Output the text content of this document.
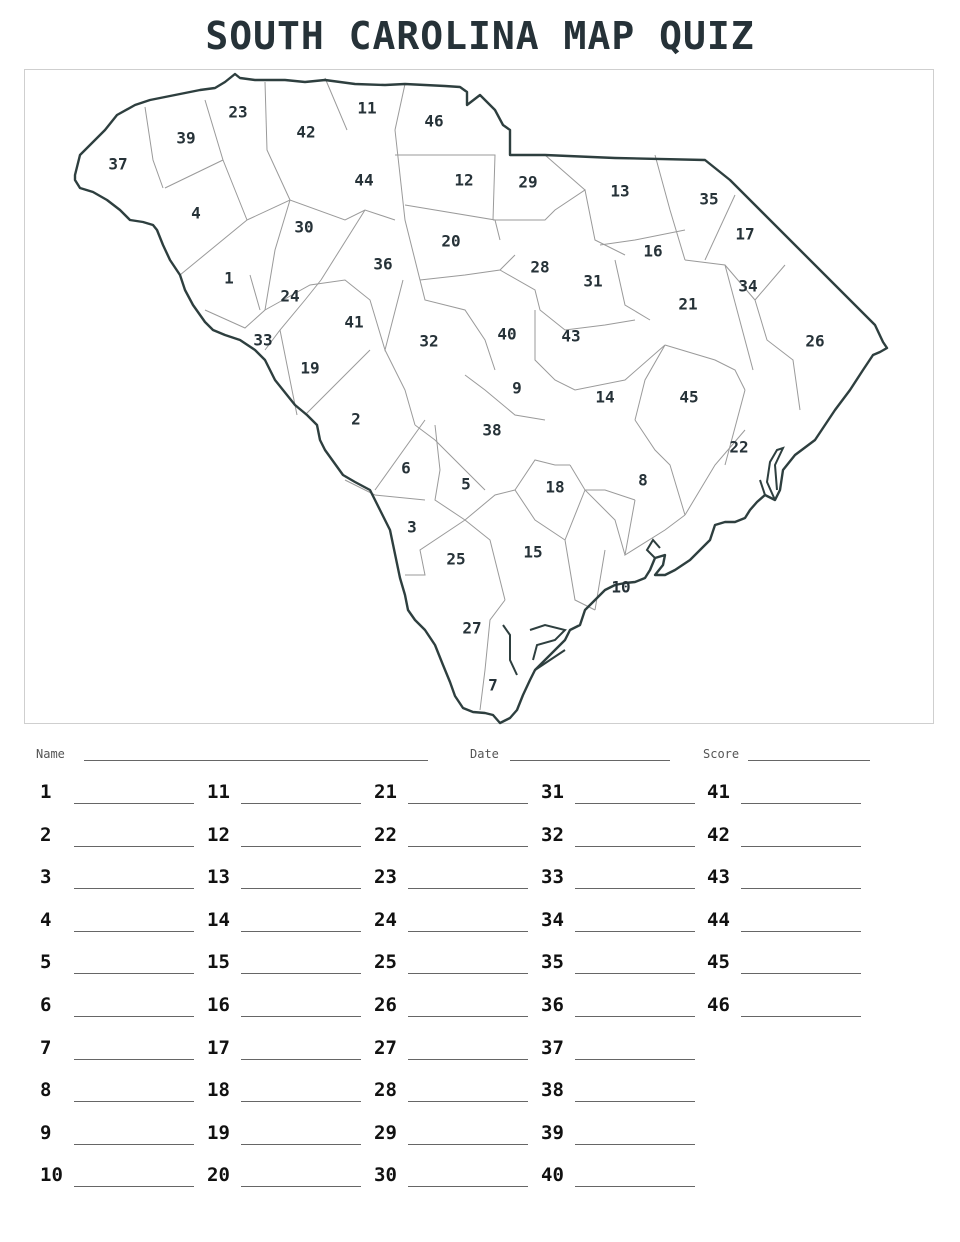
SOUTH CAROLINA MAP QUIZ
1
2
3
4
5
6
7
8
9
10
11
12
13
14
15
16
17
18
19
20
21
22
23
24
25
26
27
28
29
30
31
32
33
34
35
36
37
38
39
40
41
42
43
44
45
46
Name	Date	Score
1
2
3
4
5
6
7
8
9
10
11
12
13
14
15
16
17
18
19
20
21
22
23
24
25
26
27
28
29
30
31
32
33
34
35
36
37
38
39
40
41
42
43
44
45
46
